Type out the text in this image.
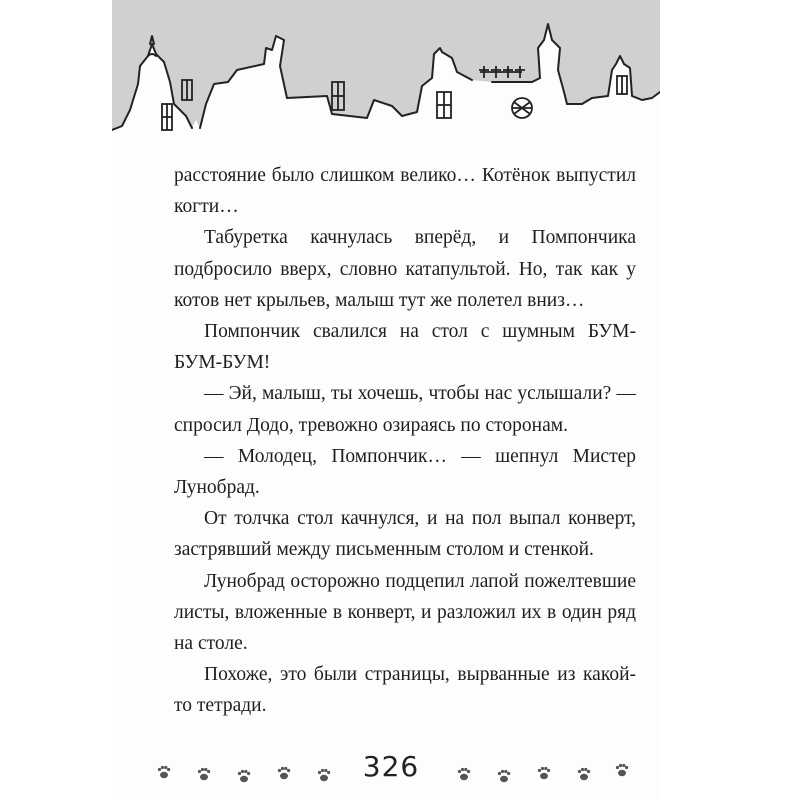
расстояние было слишком велико… Котёнок выпустил когти…

Табуретка качнулась вперёд, и Помпончика подбросило вверх, словно катапультой. Но, так как у котов нет крыльев, малыш тут же полетел вниз…

Помпончик свалился на стол с шумным БУМ-БУМ-БУМ!

— Эй, малыш, ты хочешь, чтобы нас услышали? — спросил Додо, тревожно озираясь по сторонам.

— Молодец, Помпончик… — шепнул Мистер Лунобрад.

От толчка стол качнулся, и на пол выпал конверт, застрявший между письменным столом и стенкой.

Лунобрад осторожно подцепил лапой пожелтевшие листы, вложенные в конверт, и разложил их в один ряд на столе.

Похоже, это были страницы, вырванные из какой-то тетради.

326
